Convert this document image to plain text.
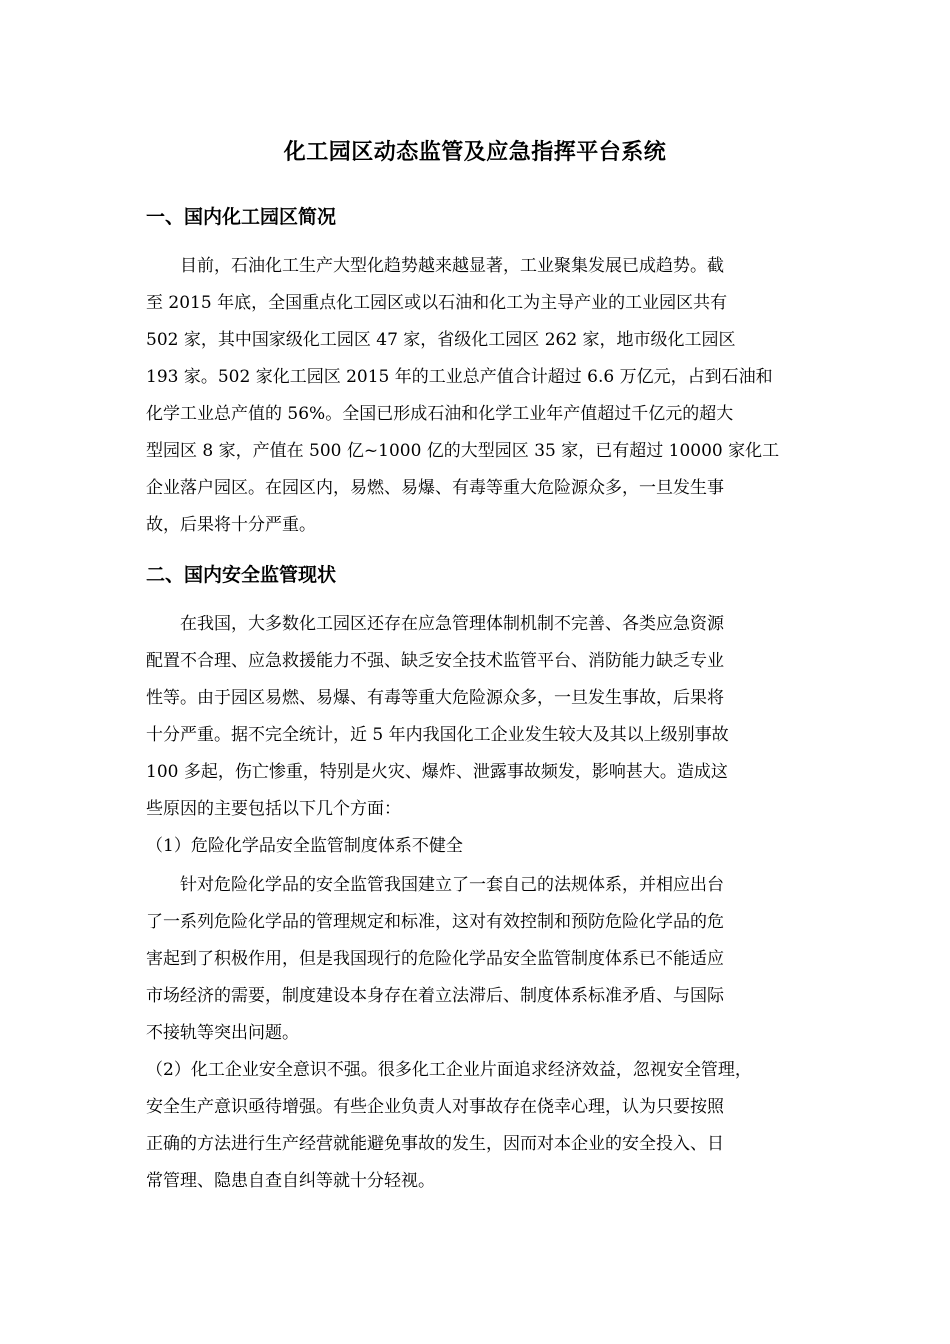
化工园区动态监管及应急指挥平台系统
一、国内化工园区简况
目前，石油化工生产大型化趋势越来越显著，工业聚集发展已成趋势。截
至 2015 年底，全国重点化工园区或以石油和化工为主导产业的工业园区共有
502 家，其中国家级化工园区 47 家，省级化工园区 262 家，地市级化工园区
193 家。502 家化工园区 2015 年的工业总产值合计超过 6.6 万亿元，占到石油和
化学工业总产值的 56%。全国已形成石油和化学工业年产值超过千亿元的超大
型园区 8 家，产值在 500 亿~1000 亿的大型园区 35 家，已有超过 10000 家化工
企业落户园区。在园区内，易燃、易爆、有毒等重大危险源众多，一旦发生事
故，后果将十分严重。
二、国内安全监管现状
在我国，大多数化工园区还存在应急管理体制机制不完善、各类应急资源
配置不合理、应急救援能力不强、缺乏安全技术监管平台、消防能力缺乏专业
性等。由于园区易燃、易爆、有毒等重大危险源众多，一旦发生事故，后果将
十分严重。据不完全统计，近 5 年内我国化工企业发生较大及其以上级别事故
100 多起，伤亡惨重，特别是火灾、爆炸、泄露事故频发，影响甚大。造成这
些原因的主要包括以下几个方面：
（1）危险化学品安全监管制度体系不健全
针对危险化学品的安全监管我国建立了一套自己的法规体系，并相应出台
了一系列危险化学品的管理规定和标准，这对有效控制和预防危险化学品的危
害起到了积极作用，但是我国现行的危险化学品安全监管制度体系已不能适应
市场经济的需要，制度建设本身存在着立法滞后、制度体系标准矛盾、与国际
不接轨等突出问题。
（2）化工企业安全意识不强。很多化工企业片面追求经济效益，忽视安全管理，
安全生产意识亟待增强。有些企业负责人对事故存在侥幸心理，认为只要按照
正确的方法进行生产经营就能避免事故的发生，因而对本企业的安全投入、日
常管理、隐患自查自纠等就十分轻视。
